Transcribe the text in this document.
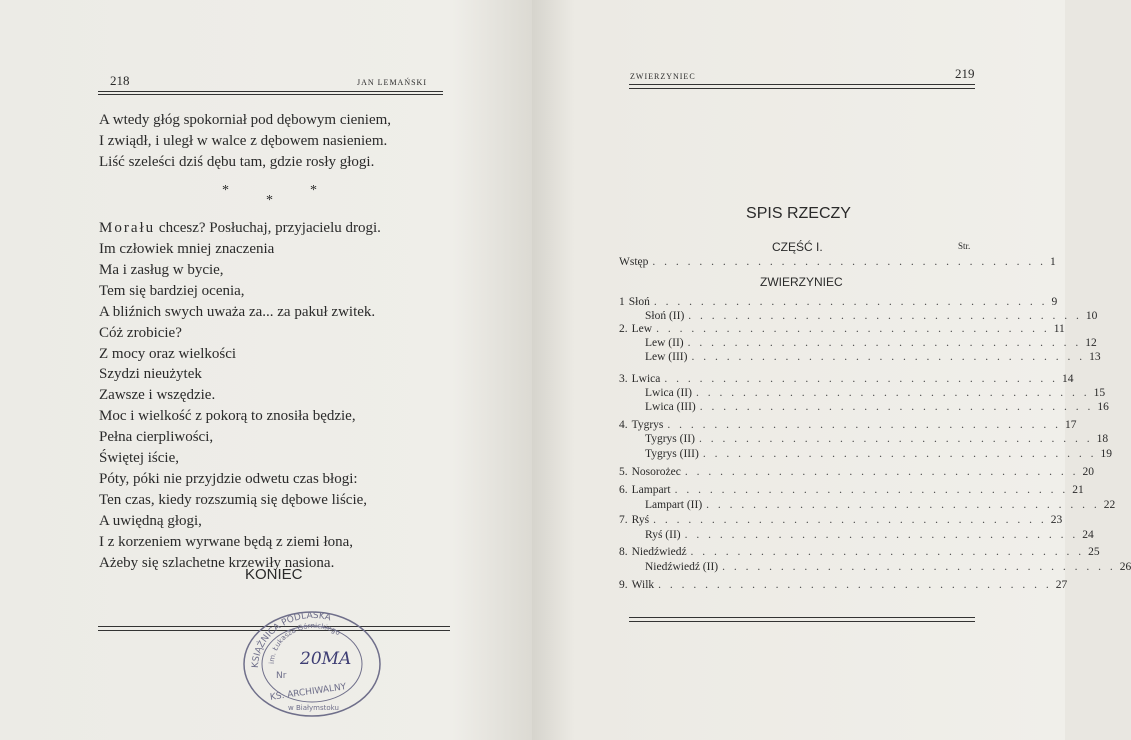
218	JAN LEMAŃSKI
A wtedy głóg spokorniał pod dębowym cieniem,
I zwiądł, i uległ w walce z dębowem nasieniem.
Liść szeleści dziś dębu tam, gdzie rosły głogi.
*	*
*
Morału chcesz? Posłuchaj, przyjacielu drogi.
Im człowiek mniej znaczenia
Ma i zasług w bycie,
Tem się bardziej ocenia,
A bliźnich swych uważa za... za pakuł zwitek.
Cóż zrobicie?
Z mocy oraz wielkości
Szydzi nieużytek
Zawsze i wszędzie.
Moc i wielkość z pokorą to znosiła będzie,
Pełna cierpliwości,
Świętej iście,
Póty, póki nie przyjdzie odwetu czas błogi:
Ten czas, kiedy rozszumią się dębowe liście,
A uwiędną głogi,
I z korzeniem wyrwane będą z ziemi łona,
Ażeby się szlachetne krzewiły nasiona.
KONIEC
KSIĄŻNICA PODLASKA
im. Łukasza Górnickiego
Nr
20MA
KS. ARCHIWALNY
w Białymstoku
ZWIERZYNIEC	219
SPIS RZECZY
CZĘŚĆ I.	Str.
ZWIERZYNIEC
Wstęp . . . . . . . . . . . . . . . . . . . . . . . . . . . . . . . . . . 1
1 Słoń . . . . . . . . . . . . . . . . . . . . . . . . . . . . . . . . . . 9
Słoń (II) . . . . . . . . . . . . . . . . . . . . . . . . . . . . . . . . . . 10
2. Lew . . . . . . . . . . . . . . . . . . . . . . . . . . . . . . . . . . 11
Lew (II) . . . . . . . . . . . . . . . . . . . . . . . . . . . . . . . . . . 12
Lew (III) . . . . . . . . . . . . . . . . . . . . . . . . . . . . . . . . . . 13
3. Lwica . . . . . . . . . . . . . . . . . . . . . . . . . . . . . . . . . . 14
Lwica (II) . . . . . . . . . . . . . . . . . . . . . . . . . . . . . . . . . . 15
Lwica (III) . . . . . . . . . . . . . . . . . . . . . . . . . . . . . . . . . . 16
4. Tygrys . . . . . . . . . . . . . . . . . . . . . . . . . . . . . . . . . . 17
Tygrys (II) . . . . . . . . . . . . . . . . . . . . . . . . . . . . . . . . . . 18
Tygrys (III) . . . . . . . . . . . . . . . . . . . . . . . . . . . . . . . . . . 19
5. Nosorożec . . . . . . . . . . . . . . . . . . . . . . . . . . . . . . . . . . 20
6. Lampart . . . . . . . . . . . . . . . . . . . . . . . . . . . . . . . . . . 21
Lampart (II) . . . . . . . . . . . . . . . . . . . . . . . . . . . . . . . . . . 22
7. Ryś . . . . . . . . . . . . . . . . . . . . . . . . . . . . . . . . . . 23
Ryś (II) . . . . . . . . . . . . . . . . . . . . . . . . . . . . . . . . . . 24
8. Niedźwiedź . . . . . . . . . . . . . . . . . . . . . . . . . . . . . . . . . . 25
Niedźwiedź (II) . . . . . . . . . . . . . . . . . . . . . . . . . . . . . . . . . . 26
9. Wilk . . . . . . . . . . . . . . . . . . . . . . . . . . . . . . . . . . 27
